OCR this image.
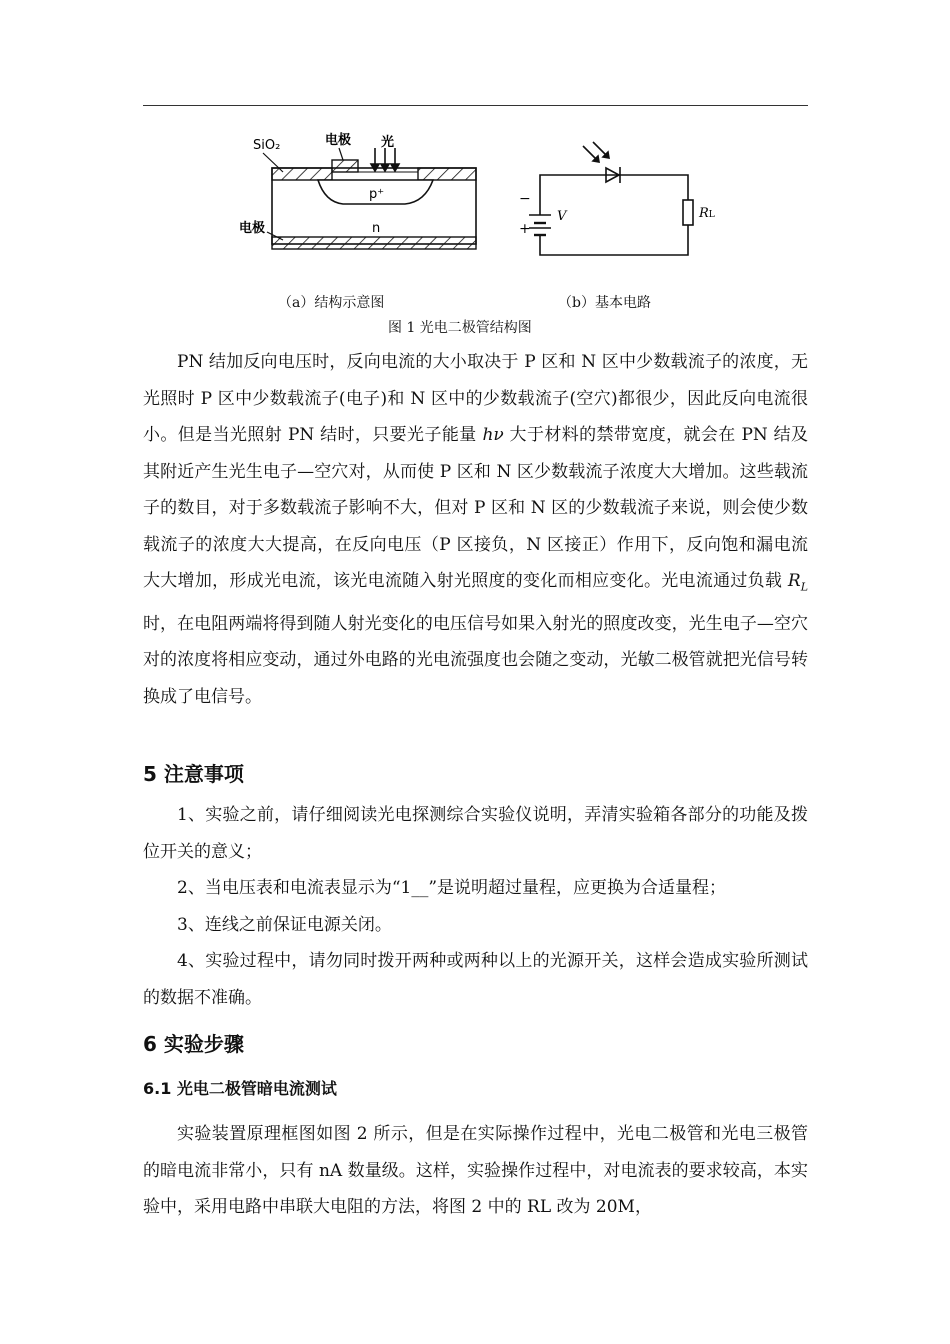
SiO₂	电极 光
p⁺
n
电极
−
+
V	RL
（a）结构示意图	（b）基本电路
图 1 光电二极管结构图

PN 结加反向电压时，反向电流的大小取决于 P 区和 N 区中少数载流子的浓度，无光照时 P 区中少数载流子(电子)和 N 区中的少数载流子(空穴)都很少，因此反向电流很小。但是当光照射 PN 结时，只要光子能量 hν 大于材料的禁带宽度，就会在 PN 结及其附近产生光生电子—空穴对，从而使 P 区和 N 区少数载流子浓度大大增加。这些载流子的数目，对于多数载流子影响不大，但对 P 区和 N 区的少数载流子来说，则会使少数载流子的浓度大大提高，在反向电压（P 区接负，N 区接正）作用下，反向饱和漏电流大大增加，形成光电流，该光电流随入射光照度的变化而相应变化。光电流通过负载 $R_L$ 时，在电阻两端将得到随人射光变化的电压信号如果入射光的照度改变，光生电子—空穴对的浓度将相应变动，通过外电路的光电流强度也会随之变动，光敏二极管就把光信号转换成了电信号。

5 注意事项

1、实验之前，请仔细阅读光电探测综合实验仪说明，弄清实验箱各部分的功能及拨位开关的意义；

2、当电压表和电流表显示为“1__”是说明超过量程，应更换为合适量程；

3、连线之前保证电源关闭。

4、实验过程中，请勿同时拨开两种或两种以上的光源开关，这样会造成实验所测试的数据不准确。

6 实验步骤
6.1 光电二极管暗电流测试

实验装置原理框图如图 2 所示，但是在实际操作过程中，光电二极管和光电三极管的暗电流非常小，只有 nA 数量级。这样，实验操作过程中，对电流表的要求较高，本实验中，采用电路中串联大电阻的方法，将图 2 中的 RL 改为 20M，
